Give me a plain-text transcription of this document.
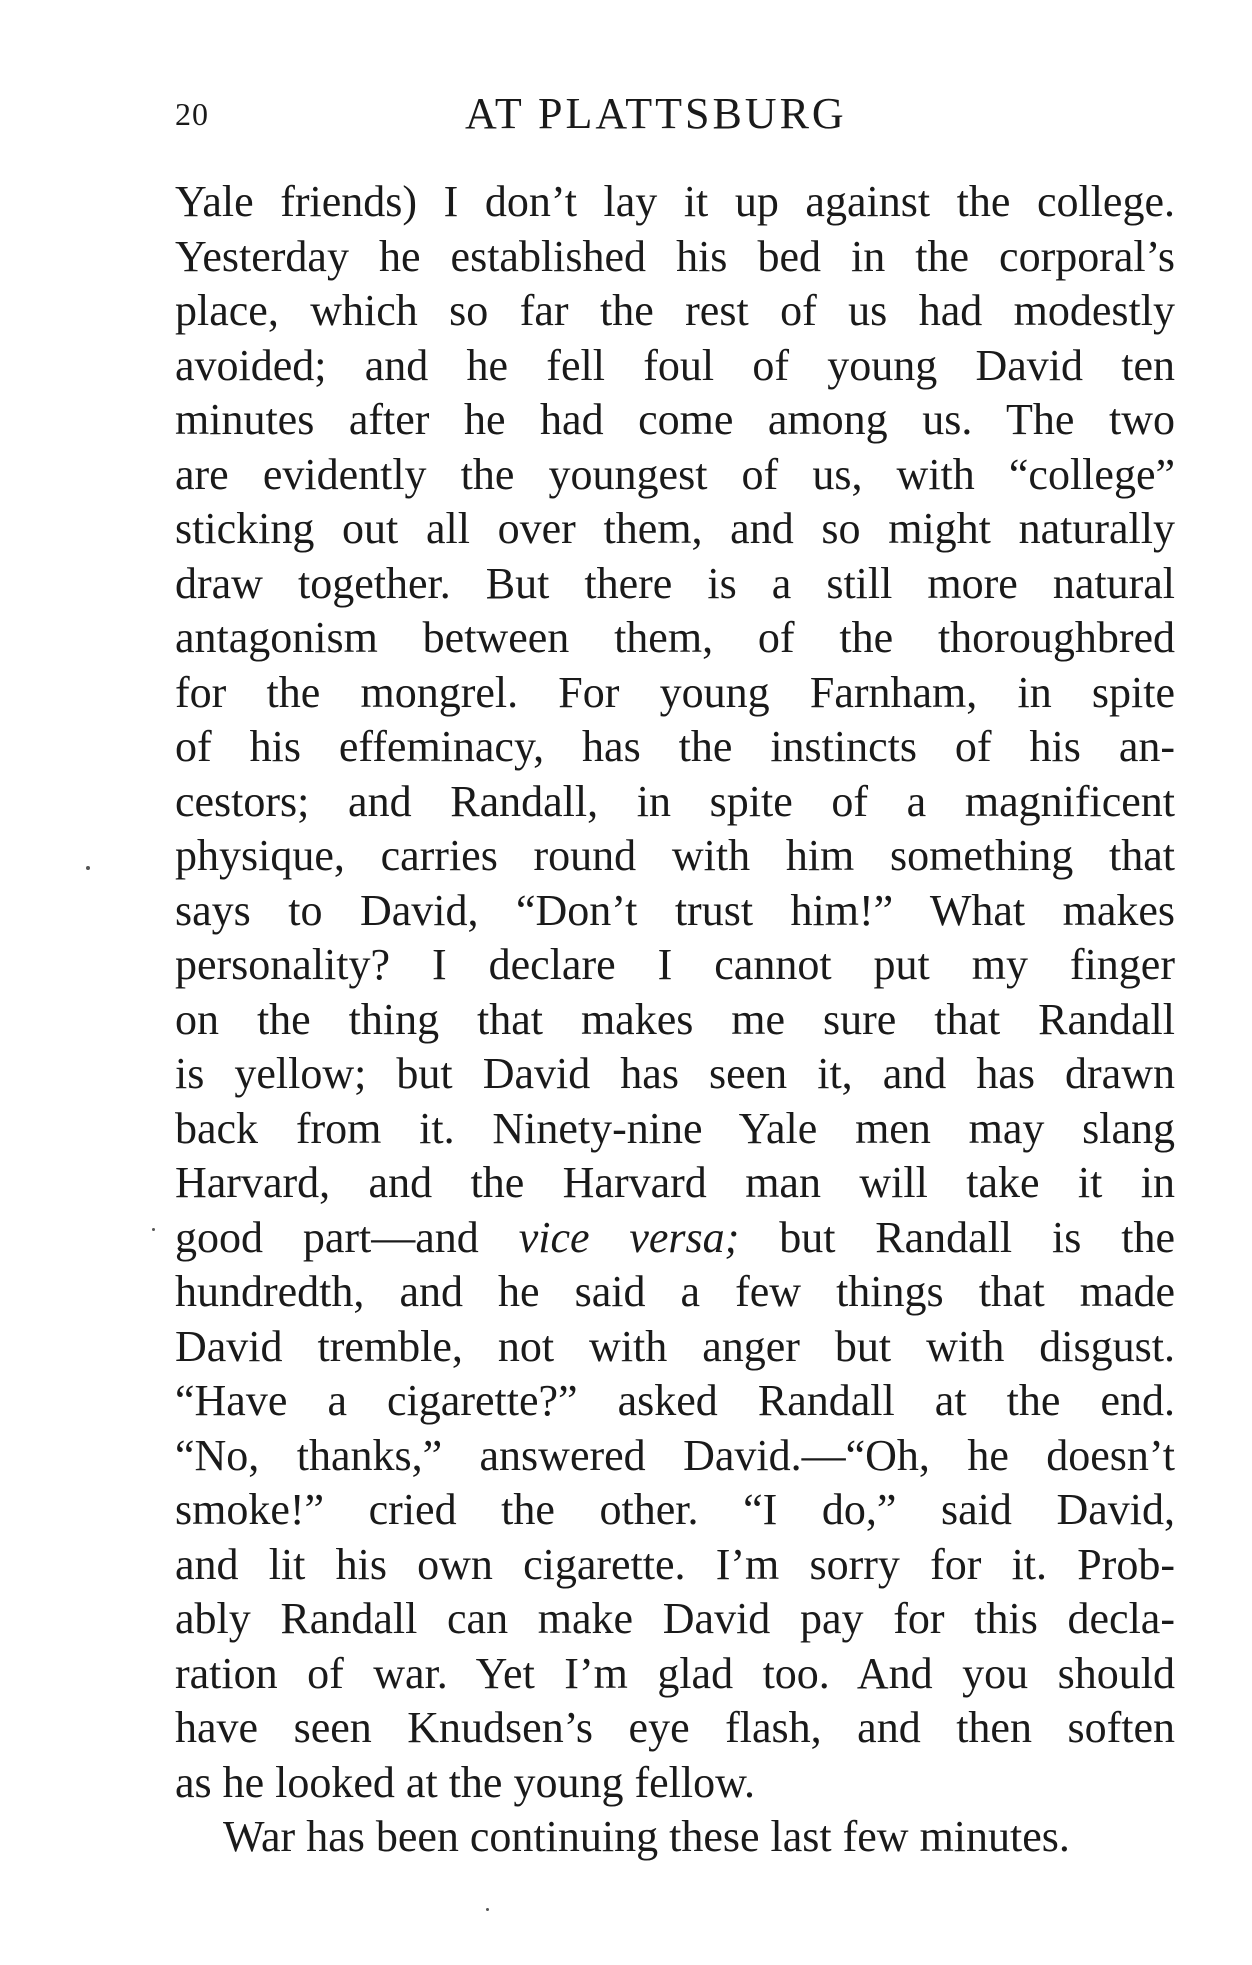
20	AT PLATTSBURG
Yale friends) I don’t lay it up against the college.
Yesterday he established his bed in the corporal’s
place, which so far the rest of us had modestly
avoided; and he fell foul of young David ten
minutes after he had come among us. The two
are evidently the youngest of us, with “college”
sticking out all over them, and so might naturally
draw together. But there is a still more natural
antagonism between them, of the thoroughbred
for the mongrel. For young Farnham, in spite
of his effeminacy, has the instincts of his an-
cestors; and Randall, in spite of a magnificent
physique, carries round with him something that
says to David, “Don’t trust him!” What makes
personality? I declare I cannot put my finger
on the thing that makes me sure that Randall
is yellow; but David has seen it, and has drawn
back from it. Ninety-nine Yale men may slang
Harvard, and the Harvard man will take it in
good part—and vice versa; but Randall is the
hundredth, and he said a few things that made
David tremble, not with anger but with disgust.
“Have a cigarette?” asked Randall at the end.
“No, thanks,” answered David.—“Oh, he doesn’t
smoke!” cried the other. “I do,” said David,
and lit his own cigarette. I’m sorry for it. Prob-
ably Randall can make David pay for this decla-
ration of war. Yet I’m glad too. And you should
have seen Knudsen’s eye flash, and then soften
as he looked at the young fellow.
War has been continuing these last few minutes.
